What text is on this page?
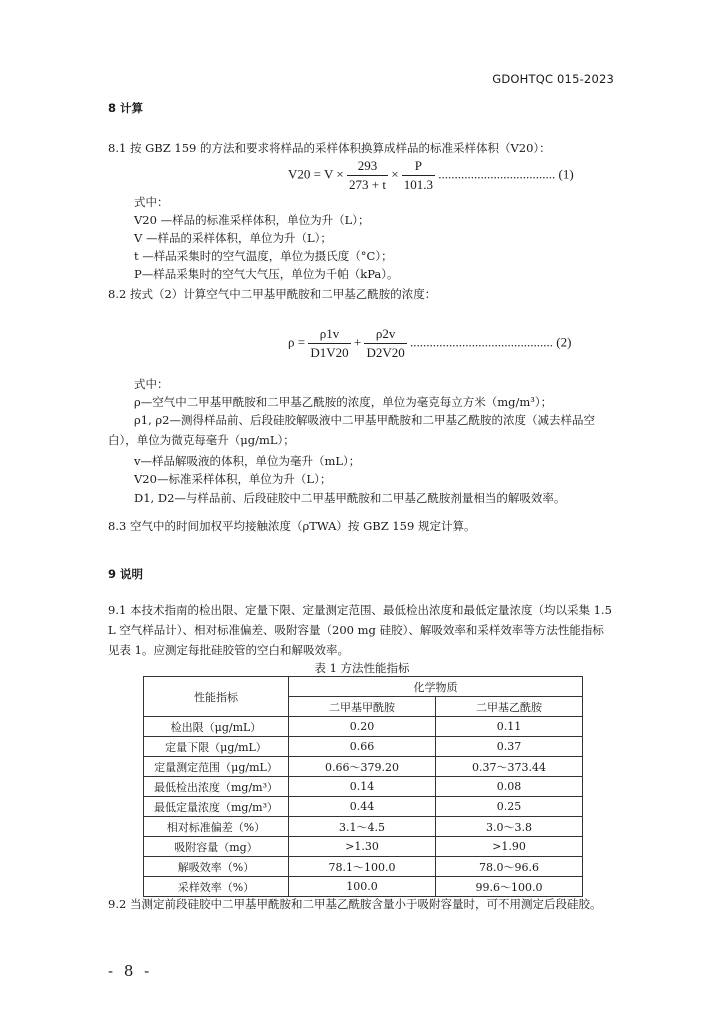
GDOHTQC 015-2023
8 计算
8.1 按 GBZ 159 的方法和要求将样品的采样体积换算成样品的标准采样体积（V20）：
$V20 = V \times \frac{293}{273 + t} \times \frac{P}{101.3}$ .................................... (1)
式中：
V20 —样品的标准采样体积，单位为升（L）；
V —样品的采样体积，单位为升（L）；
t —样品采集时的空气温度，单位为摄氏度（°C）；
P—样品采集时的空气大气压，单位为千帕（kPa）。
8.2 按式（2）计算空气中二甲基甲酰胺和二甲基乙酰胺的浓度：
$\rho = \frac{\rho 1v}{D1V20} + \frac{\rho 2v}{D2V20}$ ............................................ (2)
式中：
ρ—空气中二甲基甲酰胺和二甲基乙酰胺的浓度，单位为毫克每立方米（mg/m³）；
ρ1, ρ2—测得样品前、后段硅胶解吸液中二甲基甲酰胺和二甲基乙酰胺的浓度（减去样品空白），单位为微克每毫升（μg/mL）；
v—样品解吸液的体积，单位为毫升（mL）；
V20—标准采样体积，单位为升（L）；
D1, D2—与样品前、后段硅胶中二甲基甲酰胺和二甲基乙酰胺剂量相当的解吸效率。
8.3 空气中的时间加权平均接触浓度（ρTWA）按 GBZ 159 规定计算。
9 说明
9.1 本技术指南的检出限、定量下限、定量测定范围、最低检出浓度和最低定量浓度（均以采集 1.5 L 空气样品计）、相对标准偏差、吸附容量（200 mg 硅胶）、解吸效率和采样效率等方法性能指标见表 1。应测定每批硅胶管的空白和解吸效率。
表 1 方法性能指标
性能指标	化学物质	
	二甲基甲酰胺	二甲基乙酰胺
检出限（μg/mL）	0.20	0.11
定量下限（μg/mL）	0.66	0.37
定量测定范围（μg/mL）	0.66～379.20	0.37～373.44
最低检出浓度（mg/m³）	0.14	0.08
最低定量浓度（mg/m³）	0.44	0.25
相对标准偏差（%）	3.1～4.5	3.0～3.8
吸附容量（mg）	>1.30	>1.90
解吸效率（%）	78.1～100.0	78.0～96.6
采样效率（%）	100.0	99.6～100.0
9.2 当测定前段硅胶中二甲基甲酰胺和二甲基乙酰胺含量小于吸附容量时，可不用测定后段硅胶。
- 8 -
